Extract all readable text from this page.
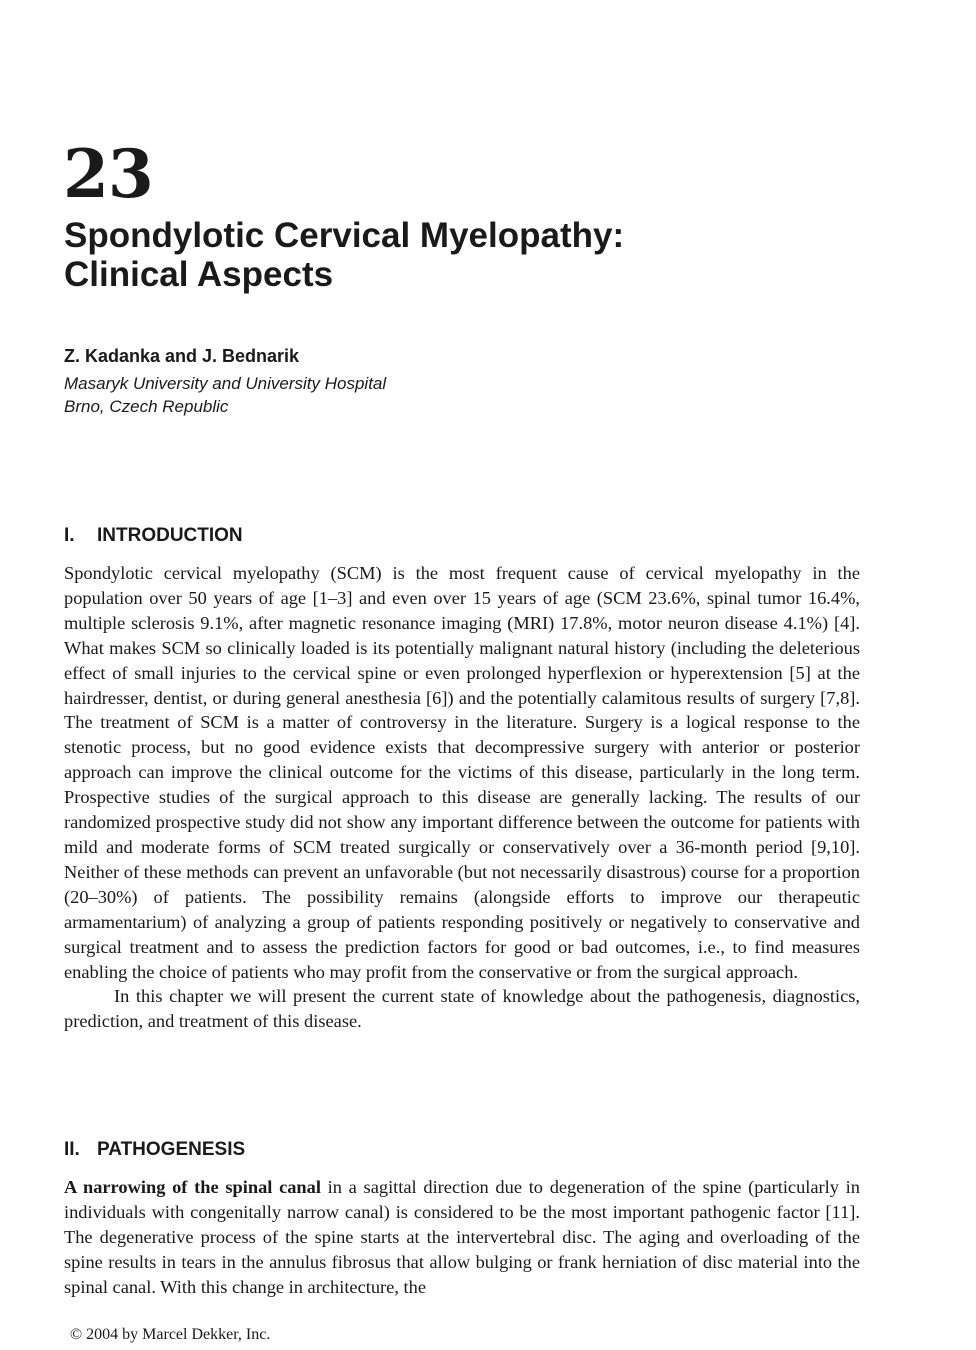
23
Spondylotic Cervical Myelopathy:
Clinical Aspects

Z. Kadanka and J. Bednarik

Masaryk University and University Hospital
Brno, Czech Republic

I. INTRODUCTION

Spondylotic cervical myelopathy (SCM) is the most frequent cause of cervical myelopathy in the population over 50 years of age [1–3] and even over 15 years of age (SCM 23.6%, spinal tumor 16.4%, multiple sclerosis 9.1%, after magnetic resonance imaging (MRI) 17.8%, motor neuron disease 4.1%) [4]. What makes SCM so clinically loaded is its potentially malignant natural history (including the deleterious effect of small injuries to the cervical spine or even prolonged hyperflexion or hyperextension [5] at the hairdresser, dentist, or during general anesthesia [6]) and the potentially calamitous results of surgery [7,8]. The treatment of SCM is a matter of controversy in the literature. Surgery is a logical response to the stenotic process, but no good evidence exists that decompressive surgery with anterior or posterior approach can improve the clinical outcome for the victims of this disease, particularly in the long term. Prospective studies of the surgical approach to this disease are generally lacking. The results of our randomized prospective study did not show any important difference between the outcome for patients with mild and moderate forms of SCM treated surgically or conservatively over a 36-month period [9,10]. Neither of these methods can prevent an unfavorable (but not necessarily disastrous) course for a proportion (20–30%) of patients. The possibility remains (alongside efforts to improve our therapeutic armamentarium) of analyzing a group of patients responding positively or negatively to conservative and surgical treatment and to assess the prediction factors for good or bad outcomes, i.e., to find measures enabling the choice of patients who may profit from the conservative or from the surgical approach.

In this chapter we will present the current state of knowledge about the pathogenesis, diagnostics, prediction, and treatment of this disease.

II. PATHOGENESIS

A narrowing of the spinal canal in a sagittal direction due to degeneration of the spine (particularly in individuals with congenitally narrow canal) is considered to be the most important pathogenic factor [11]. The degenerative process of the spine starts at the intervertebral disc. The aging and overloading of the spine results in tears in the annulus fibrosus that allow bulging or frank herniation of disc material into the spinal canal. With this change in architecture, the

© 2004 by Marcel Dekker, Inc.
